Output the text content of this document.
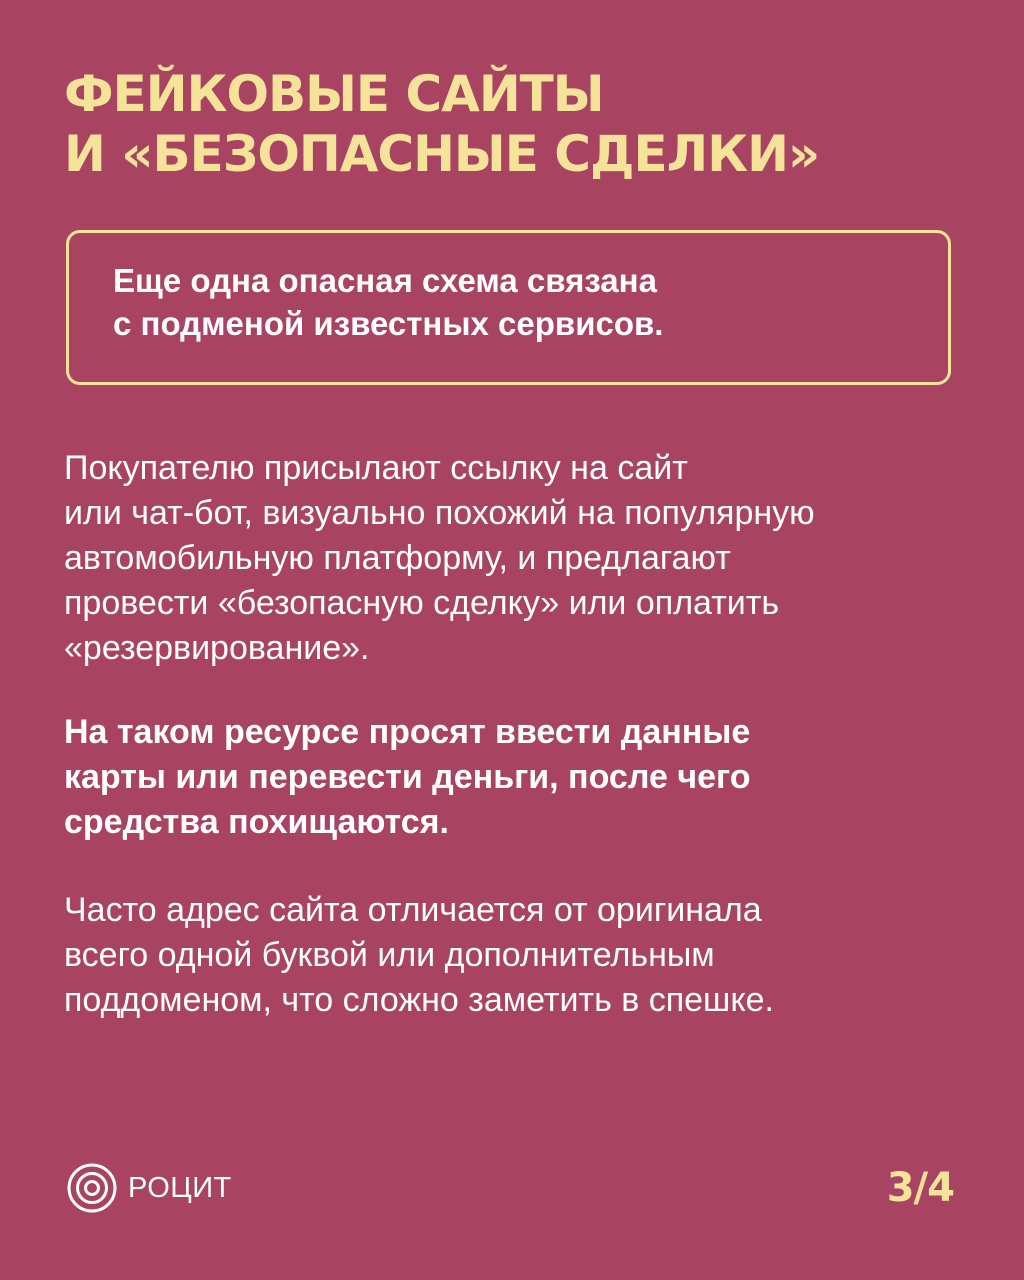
ФЕЙКОВЫЕ САЙТЫ
И «БЕЗОПАСНЫЕ СДЕЛКИ»

Еще одна опасная схема связана
с подменой известных сервисов.

Покупателю присылают ссылку на сайт
или чат-бот, визуально похожий на популярную
автомобильную платформу, и предлагают
провести «безопасную сделку» или оплатить
«резервирование».

На таком ресурсе просят ввести данные
карты или перевести деньги, после чего
средства похищаются.

Часто адрес сайта отличается от оригинала
всего одной буквой или дополнительным
поддоменом, что сложно заметить в спешке.

РОЦИТ	3/4
